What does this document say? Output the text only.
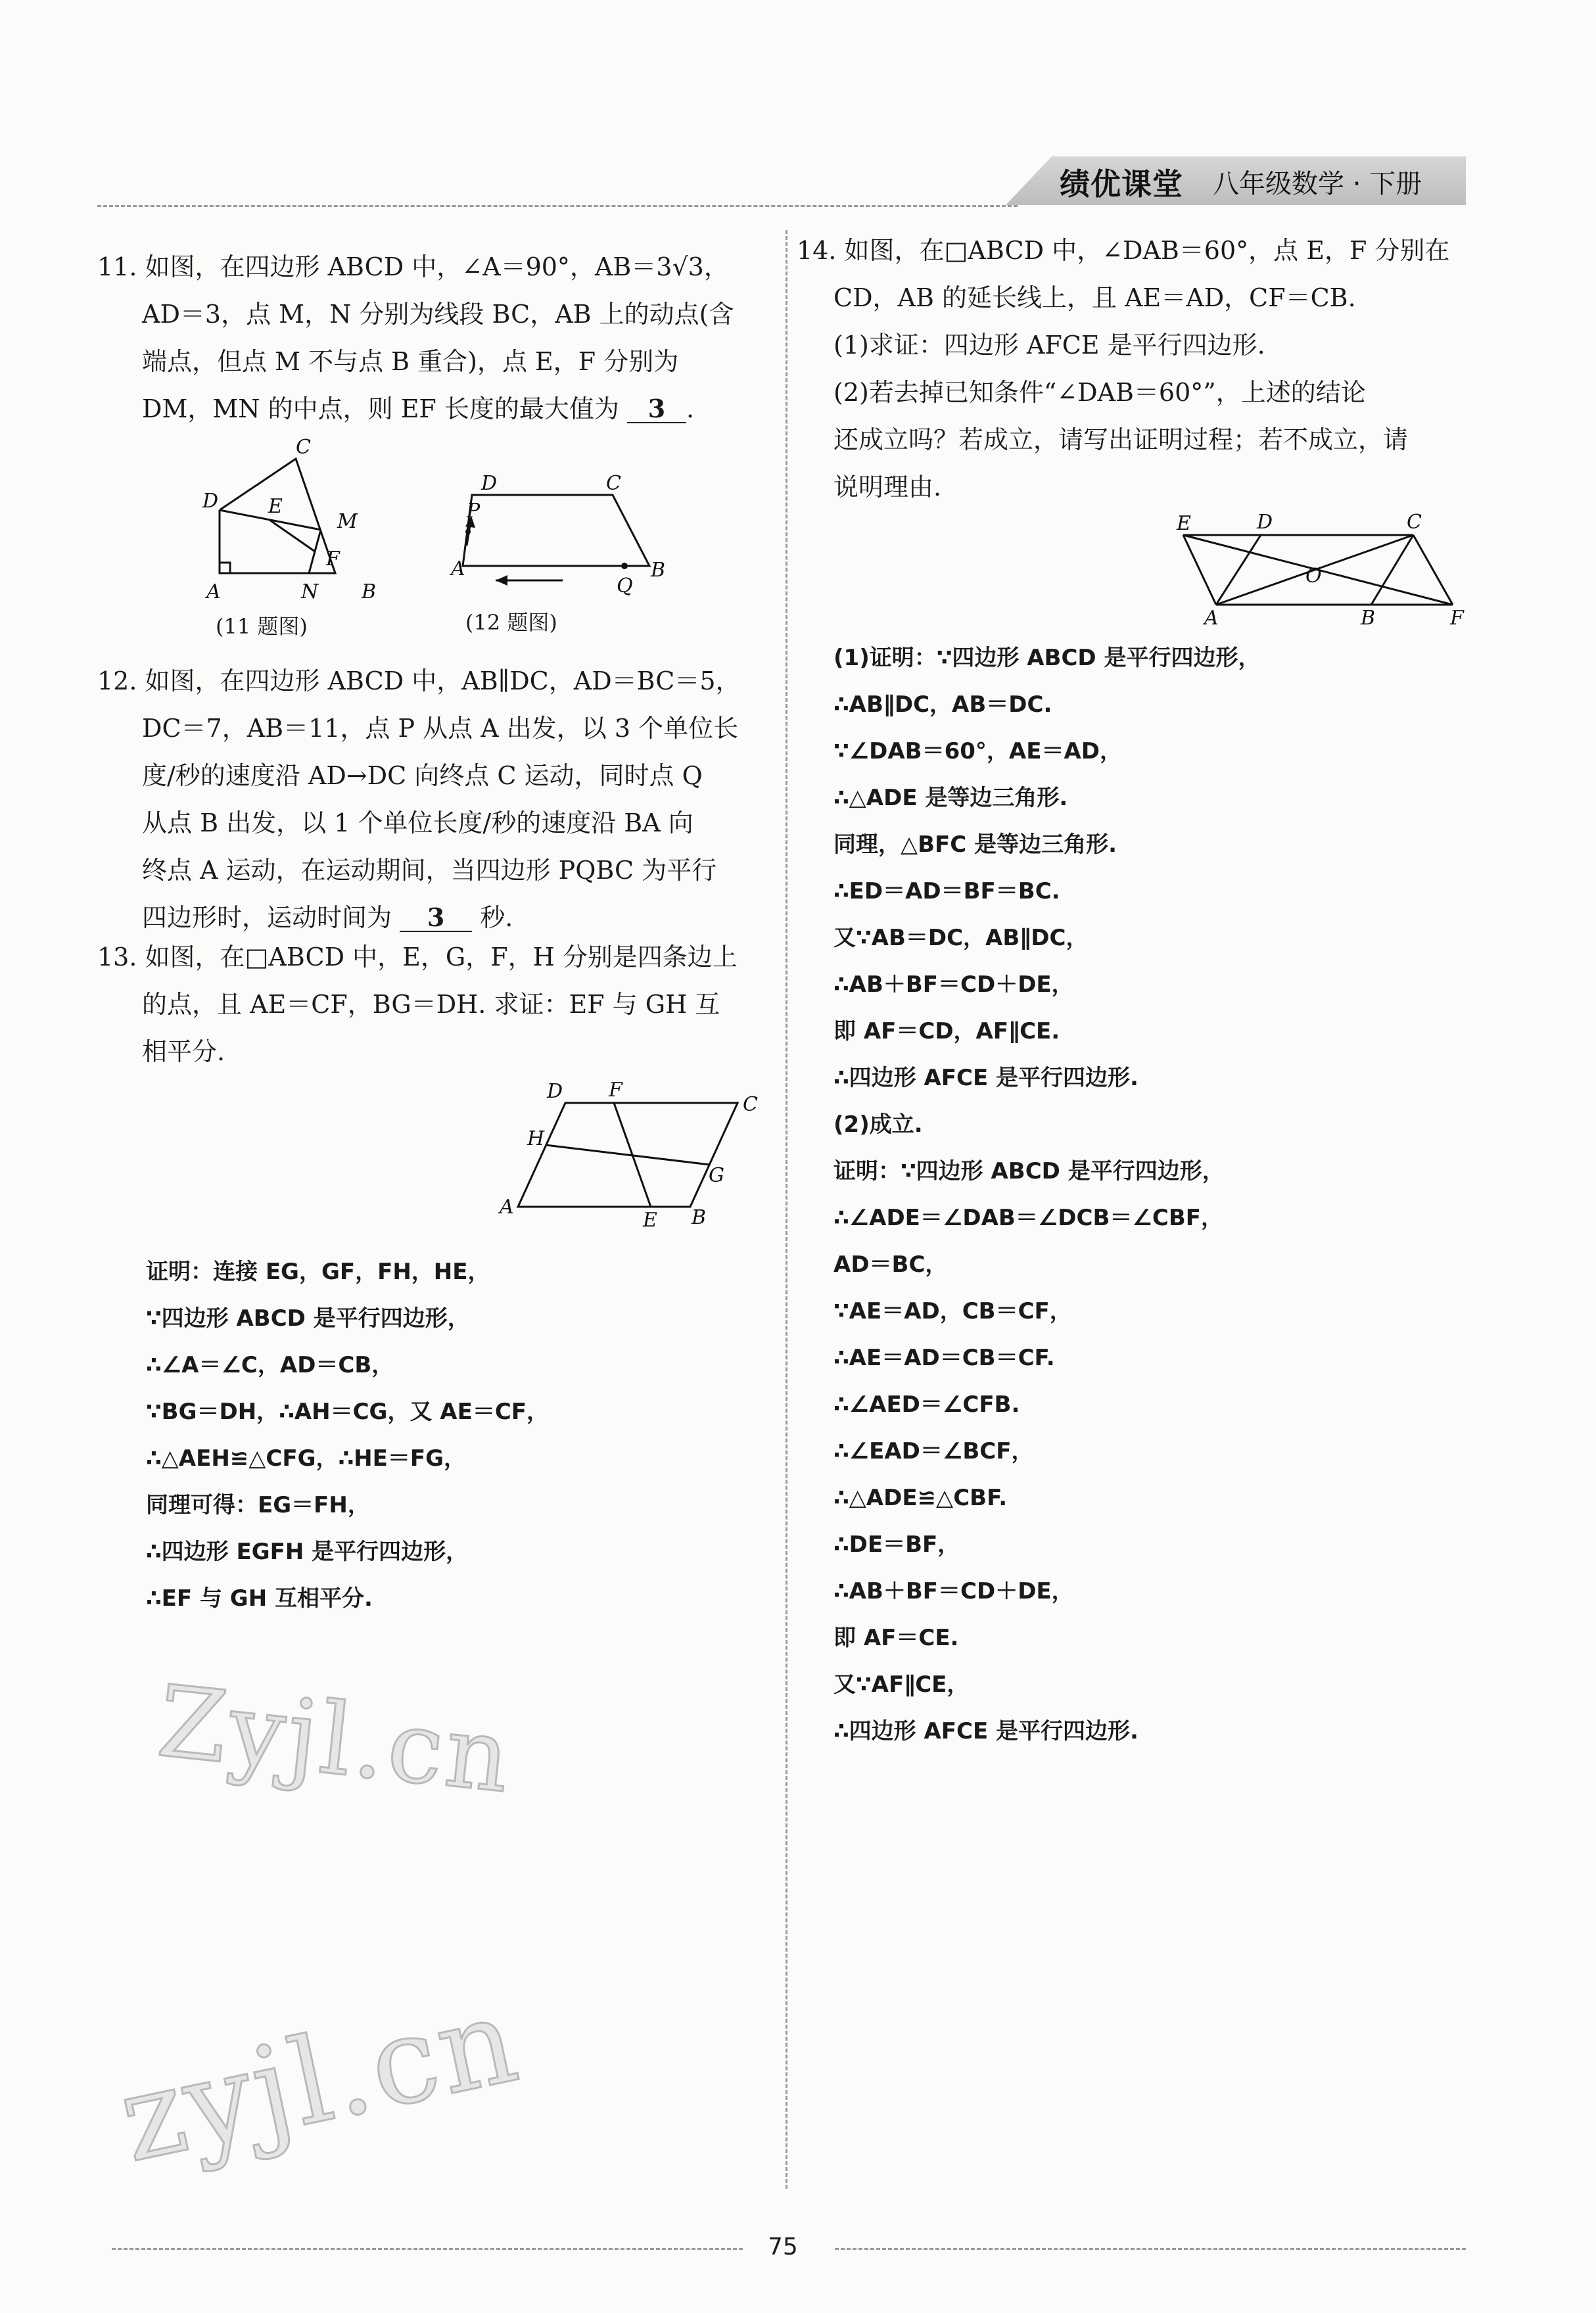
绩优课堂 八年级数学 · 下册
11. 如图，在四边形 ABCD 中，∠A＝90°，AB＝3√3，
AD＝3，点 M，N 分别为线段 BC，AB 上的动点(含
端点，但点 M 不与点 B 重合)，点 E，F 分别为
DM，MN 的中点，则 EF 长度的最大值为 3 .
C
D	E
M
F
A	N B
(11 题图)
D	C
P
A	B
Q
(12 题图)
12. 如图，在四边形 ABCD 中，AB∥DC，AD＝BC＝5，
DC＝7，AB＝11，点 P 从点 A 出发，以 3 个单位长
度/秒的速度沿 AD→DC 向终点 C 运动，同时点 Q
从点 B 出发，以 1 个单位长度/秒的速度沿 BA 向
终点 A 运动，在运动期间，当四边形 PQBC 为平行
四边形时，运动时间为 3 秒.
13. 如图，在□ABCD 中，E，G，F，H 分别是四条边上
的点，且 AE＝CF，BG＝DH. 求证：EF 与 GH 互
相平分.
D F
C
H
G
A
E B
证明：连接 EG，GF，FH，HE，
∵四边形 ABCD 是平行四边形，
∴∠A＝∠C，AD＝CB，
∵BG＝DH，∴AH＝CG，又 AE＝CF，
∴△AEH≌△CFG，∴HE＝FG，
同理可得：EG＝FH，
∴四边形 EGFH 是平行四边形，
∴EF 与 GH 互相平分.
Zyjl.cn
zyjl.cn
14. 如图，在□ABCD 中，∠DAB＝60°，点 E，F 分别在
CD，AB 的延长线上，且 AE＝AD，CF＝CB.
(1)求证：四边形 AFCE 是平行四边形.
(2)若去掉已知条件“∠DAB＝60°”，上述的结论
还成立吗？若成立，请写出证明过程；若不成立，请
说明理由.
E	D	C
O
A	B	F
(1)证明：∵四边形 ABCD 是平行四边形，
∴AB∥DC，AB＝DC.
∵∠DAB＝60°，AE＝AD，
∴△ADE 是等边三角形.
同理，△BFC 是等边三角形.
∴ED＝AD＝BF＝BC.
又∵AB＝DC，AB∥DC，
∴AB＋BF＝CD＋DE，
即 AF＝CD，AF∥CE.
∴四边形 AFCE 是平行四边形.
(2)成立.
证明：∵四边形 ABCD 是平行四边形，
∴∠ADE＝∠DAB＝∠DCB＝∠CBF，
AD＝BC，
∵AE＝AD，CB＝CF，
∴AE＝AD＝CB＝CF.
∴∠AED＝∠CFB.
∴∠EAD＝∠BCF，
∴△ADE≌△CBF.
∴DE＝BF，
∴AB＋BF＝CD＋DE，
即 AF＝CE.
又∵AF∥CE，
∴四边形 AFCE 是平行四边形.
75
